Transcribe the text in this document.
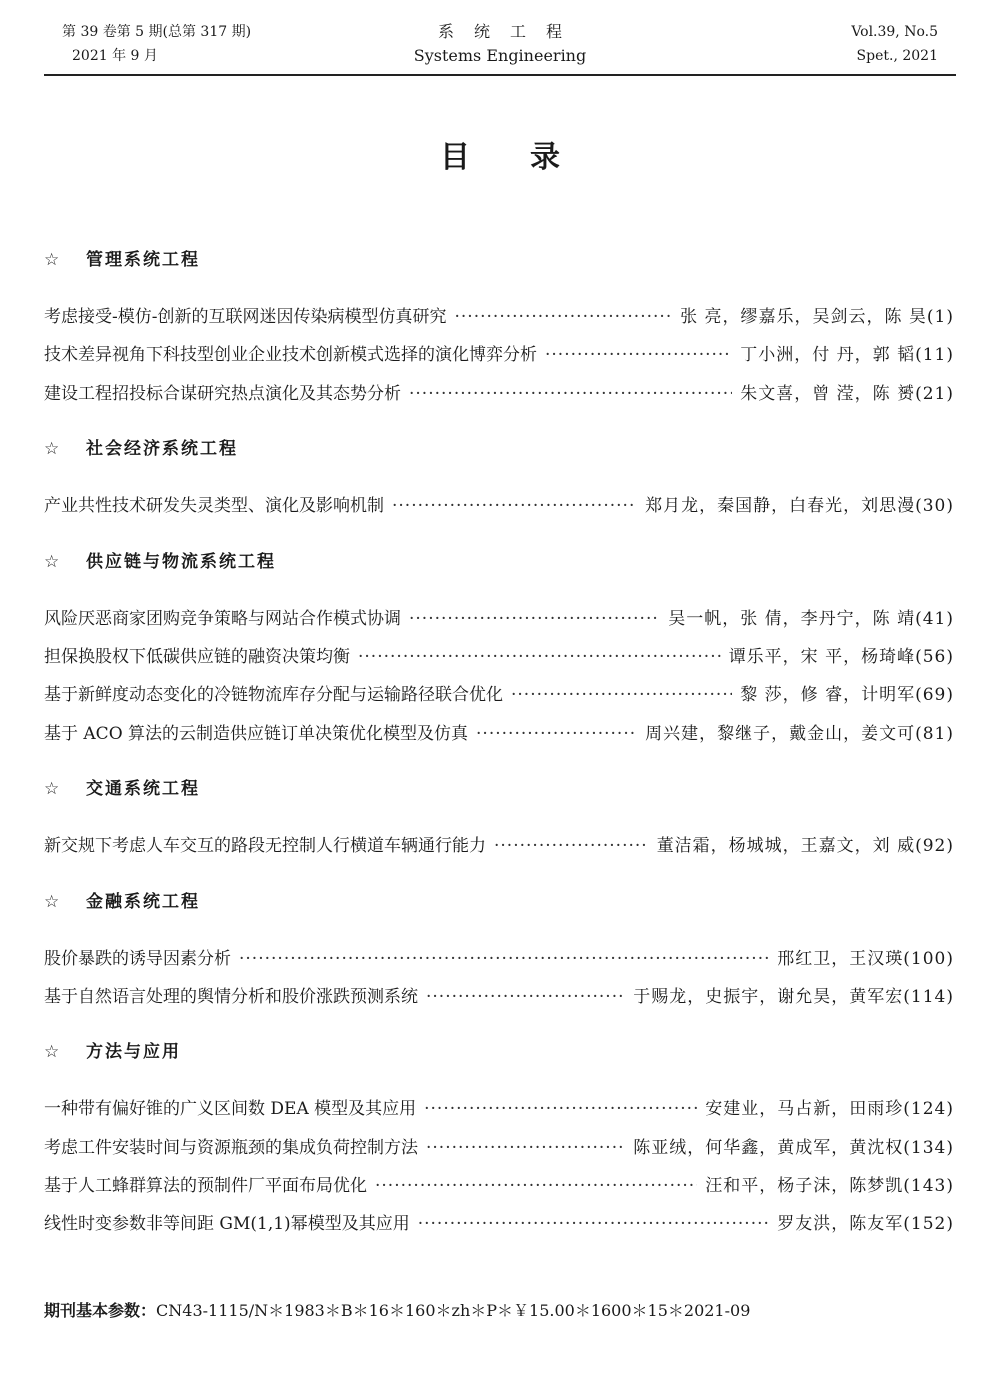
第 39 卷第 5 期(总第 317 期)
2021 年 9 月
系统工程
Systems Engineering
Vol.39, No.5
Spet., 2021
目录
☆ 管理系统工程
考虑接受-模仿-创新的互联网迷因传染病模型仿真研究 ·····	张 亮，缪嘉乐，吴剑云，陈 昊(1)
技术差异视角下科技型创业企业技术创新模式选择的演化博弈分析 ·····	丁小洲，付 丹，郭 韬(11)
建设工程招投标合谋研究热点演化及其态势分析 ·····	朱文喜，曾 滢，陈 赟(21)
☆ 社会经济系统工程
产业共性技术研发失灵类型、演化及影响机制 ·····	郑月龙，秦国静，白春光，刘思漫(30)
☆ 供应链与物流系统工程
风险厌恶商家团购竞争策略与网站合作模式协调 ·····	吴一帆，张 倩，李丹宁，陈 靖(41)
担保换股权下低碳供应链的融资决策均衡 ·····	谭乐平，宋 平，杨琦峰(56)
基于新鲜度动态变化的冷链物流库存分配与运输路径联合优化 ·····	黎 莎，修 睿，计明军(69)
基于 ACO 算法的云制造供应链订单决策优化模型及仿真 ·····	周兴建，黎继子，戴金山，姜文可(81)
☆ 交通系统工程
新交规下考虑人车交互的路段无控制人行横道车辆通行能力 ·····	董洁霜，杨城城，王嘉文，刘 威(92)
☆ 金融系统工程
股价暴跌的诱导因素分析 ·····	邢红卫，王汉瑛(100)
基于自然语言处理的舆情分析和股价涨跌预测系统 ·····	于赐龙，史振宇，谢允昊，黄军宏(114)
☆ 方法与应用
一种带有偏好锥的广义区间数 DEA 模型及其应用 ·····	安建业，马占新，田雨珍(124)
考虑工件安装时间与资源瓶颈的集成负荷控制方法 ·····	陈亚绒，何华鑫，黄成军，黄沈权(134)
基于人工蜂群算法的预制件厂平面布局优化 ·····	汪和平，杨子沫，陈梦凯(143)
线性时变参数非等间距 GM(1,1)幂模型及其应用 ·····	罗友洪，陈友军(152)
期刊基本参数：CN43-1115/N＊1983＊B＊16＊160＊zh＊P＊￥15.00＊1600＊15＊2021-09
